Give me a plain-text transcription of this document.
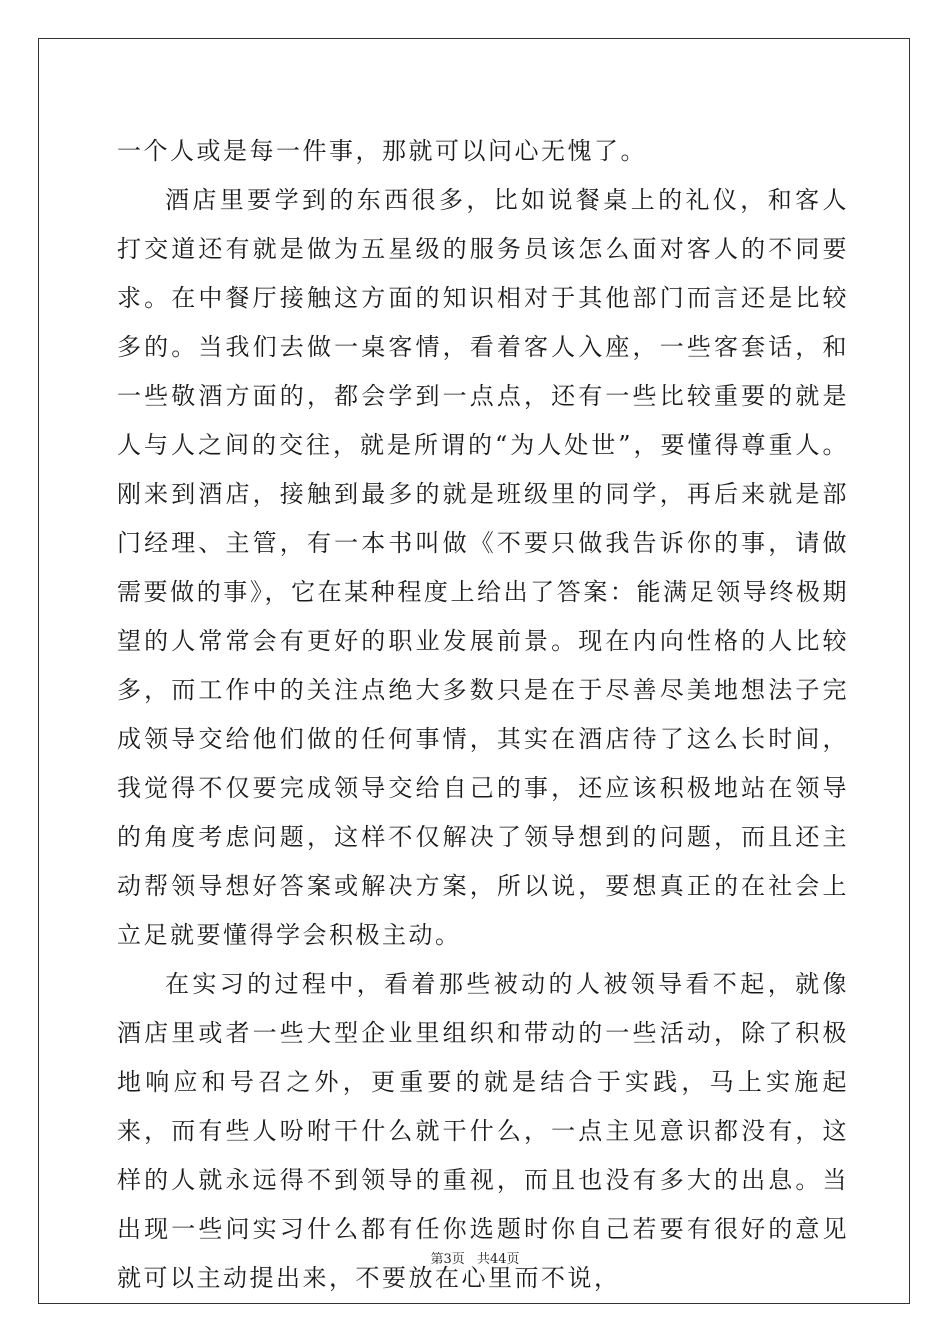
一个人或是每一件事，那就可以问心无愧了。

酒店里要学到的东西很多，比如说餐桌上的礼仪，和客人打交道还有就是做为五星级的服务员该怎么面对客人的不同要求。在中餐厅接触这方面的知识相对于其他部门而言还是比较多的。当我们去做一桌客情，看着客人入座，一些客套话，和一些敬酒方面的，都会学到一点点，还有一些比较重要的就是人与人之间的交往，就是所谓的“为人处世”，要懂得尊重人。刚来到酒店，接触到最多的就是班级里的同学，再后来就是部门经理、主管，有一本书叫做《不要只做我告诉你的事，请做需要做的事》，它在某种程度上给出了答案：能满足领导终极期望的人常常会有更好的职业发展前景。现在内向性格的人比较多，而工作中的关注点绝大多数只是在于尽善尽美地想法子完成领导交给他们做的任何事情，其实在酒店待了这么长时间，我觉得不仅要完成领导交给自己的事，还应该积极地站在领导的角度考虑问题，这样不仅解决了领导想到的问题，而且还主动帮领导想好答案或解决方案，所以说，要想真正的在社会上立足就要懂得学会积极主动。

在实习的过程中，看着那些被动的人被领导看不起，就像酒店里或者一些大型企业里组织和带动的一些活动，除了积极地响应和号召之外，更重要的就是结合于实践，马上实施起来，而有些人吩咐干什么就干什么，一点主见意识都没有，这样的人就永远得不到领导的重视，而且也没有多大的出息。当出现一些问实习什么都有任你选题时你自己若要有很好的意见就可以主动提出来，不要放在心里而不说，

第3页 共44页
